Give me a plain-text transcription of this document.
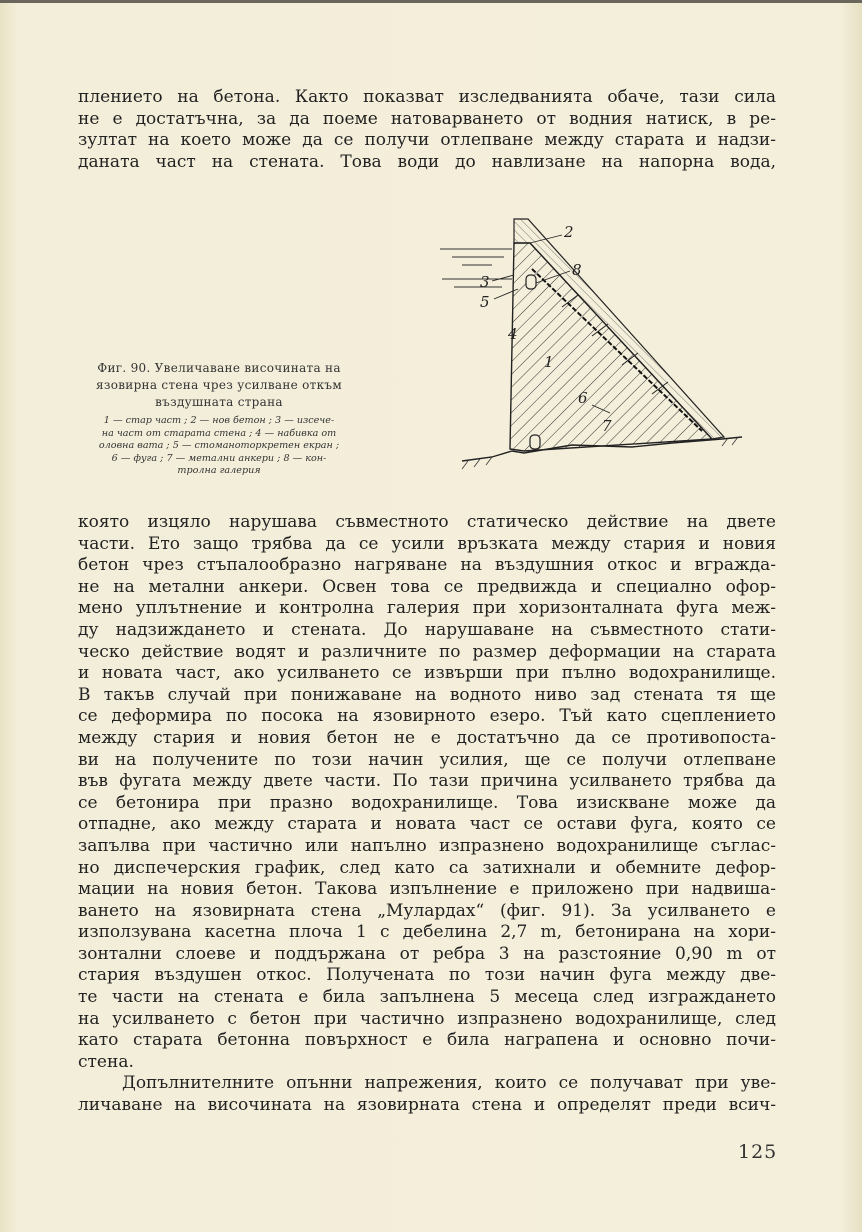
плението на бетона. Както показват изследванията обаче, тази сила
не е достатъчна, за да поеме натоварването от водния натиск, в ре-
зултат на което може да се получи отлепване между старата и надзи-
даната част на стената. Това води до навлизане на напорна вода,
Фиг. 90. Увеличаване височината на
язовирна стена чрез усилване откъм
въздушната страна
1 — стар част ; 2 — нов бетон ; 3 — изсече-
на част от старата стена ; 4 — набивка от
оловна вата ; 5 — стоманоторкретен екран ;
6 — фуга ; 7 — метални анкери ; 8 — кон-
тролна галерия
2
8
3
5
4
1
6
7
която изцяло нарушава съвместното статическо действие на двете
части. Ето защо трябва да се усили връзката между стария и новия
бетон чрез стъпалообразно нагряване на въздушния откос и вгражда-
не на метални анкери. Освен това се предвижда и специално офор-
мено уплътнение и контролна галерия при хоризонталната фуга меж-
ду надзиждането и стената. До нарушаване на съвместното стати-
ческо действие водят и различните по размер деформации на старата
и новата част, ако усилването се извърши при пълно водохранилище.
В такъв случай при понижаване на водното ниво зад стената тя ще
се деформира по посока на язовирното езеро. Тъй като сцеплението
между стария и новия бетон не е достатъчно да се противопоста-
ви на получените по този начин усилия, ще се получи отлепване
във фугата между двете части. По тази причина усилването трябва да
се бетонира при празно водохранилище. Това изискване може да
отпадне, ако между старата и новата част се остави фуга, която се
запълва при частично или напълно изпразнено водохранилище съглас-
но диспечерския график, след като са затихнали и обемните дефор-
мации на новия бетон. Такова изпълнение е приложено при надвиша-
ването на язовирната стена „Мулардах“ (фиг. 91). За усилването е
използувана касетна плоча 1 с дебелина 2,7 m, бетонирана на хори-
зонтални слоеве и поддържана от ребра 3 на разстояние 0,90 m от
стария въздушен откос. Получената по този начин фуга между две-
те части на стената е била запълнена 5 месеца след изграждането
на усилването с бетон при частично изпразнено водохранилище, след
като старата бетонна повърхност е била награпена и основно почи-
стена.
Допълнителните опънни напрежения, които се получават при уве-
личаване на височината на язовирната стена и определят преди всич-
125
